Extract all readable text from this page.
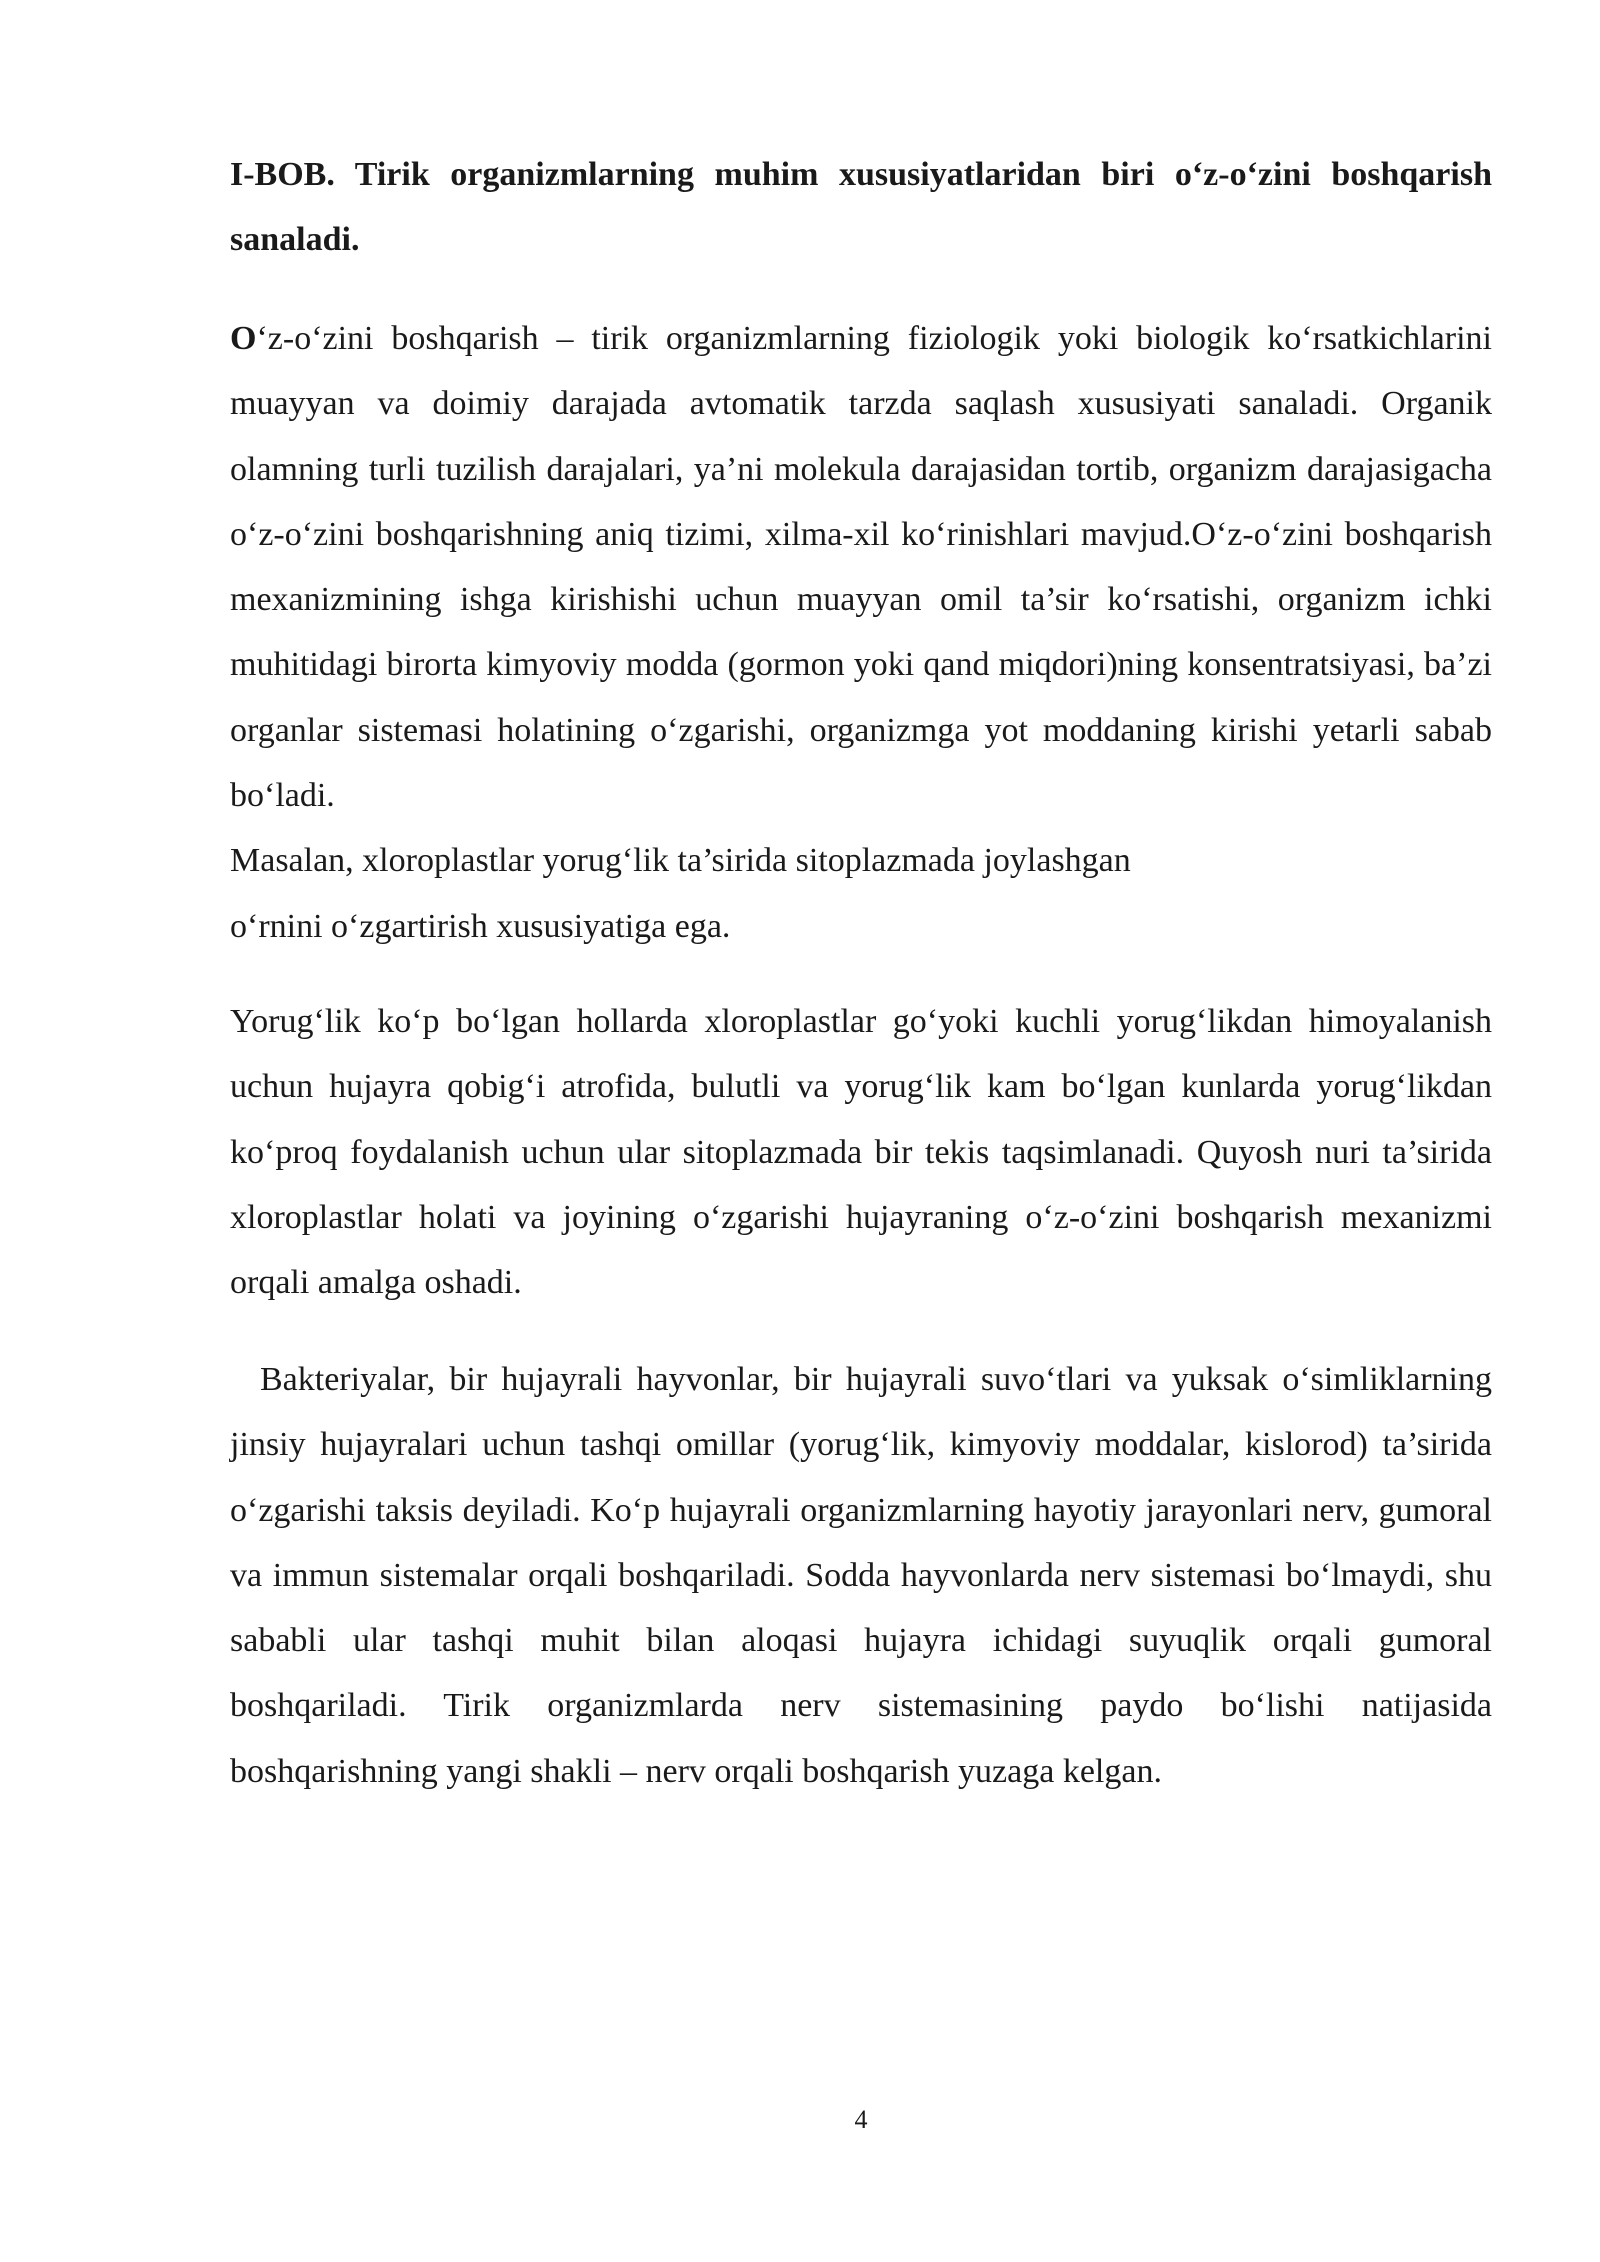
I-BOB. Tirik organizmlarning muhim xususiyatlaridan biri o‘z-o‘zini boshqarish sanaladi.

O‘z-o‘zini boshqarish – tirik organizmlarning fiziologik yoki biologik ko‘rsatkichlarini muayyan va doimiy darajada avtomatik tarzda saqlash xususiyati sanaladi. Organik olamning turli tuzilish darajalari, ya’ni molekula darajasidan tortib, organizm darajasigacha o‘z-o‘zini boshqarishning aniq tizimi, xilma-xil ko‘rinishlari mavjud.O‘z-o‘zini boshqarish mexanizmining ishga kirishishi uchun muayyan omil ta’sir ko‘rsatishi, organizm ichki muhitidagi birorta kimyoviy modda (gormon yoki qand miqdori)ning konsentratsiyasi, ba’zi organlar sistemasi holatining o‘zgarishi, organizmga yot moddaning kirishi yetarli sabab bo‘ladi.
Masalan, xloroplastlar yorug‘lik ta’sirida sitoplazmada joylashgan
o‘rnini o‘zgartirish xususiyatiga ega.

Yorug‘lik ko‘p bo‘lgan hollarda xloroplastlar go‘yoki kuchli yorug‘likdan himoyalanish uchun hujayra qobig‘i atrofida, bulutli va yorug‘lik kam bo‘lgan kunlarda yorug‘likdan ko‘proq foydalanish uchun ular sitoplazmada bir tekis taqsimlanadi. Quyosh nuri ta’sirida xloroplastlar holati va joyining o‘zgarishi hujayraning o‘z-o‘zini boshqarish mexanizmi orqali amalga oshadi.

Bakteriyalar, bir hujayrali hayvonlar, bir hujayrali suvo‘tlari va yuksak o‘simliklarning jinsiy hujayralari uchun tashqi omillar (yorug‘lik, kimyoviy moddalar, kislorod) ta’sirida o‘zgarishi taksis deyiladi. Ko‘p hujayrali organizmlarning hayotiy jarayonlari nerv, gumoral va immun sistemalar orqali boshqariladi. Sodda hayvonlarda nerv sistemasi bo‘lmaydi, shu sababli ular tashqi muhit bilan aloqasi hujayra ichidagi suyuqlik orqali gumoral boshqariladi. Tirik organizmlarda nerv sistemasining paydo bo‘lishi natijasida boshqarishning yangi shakli – nerv orqali boshqarish yuzaga kelgan.

4
